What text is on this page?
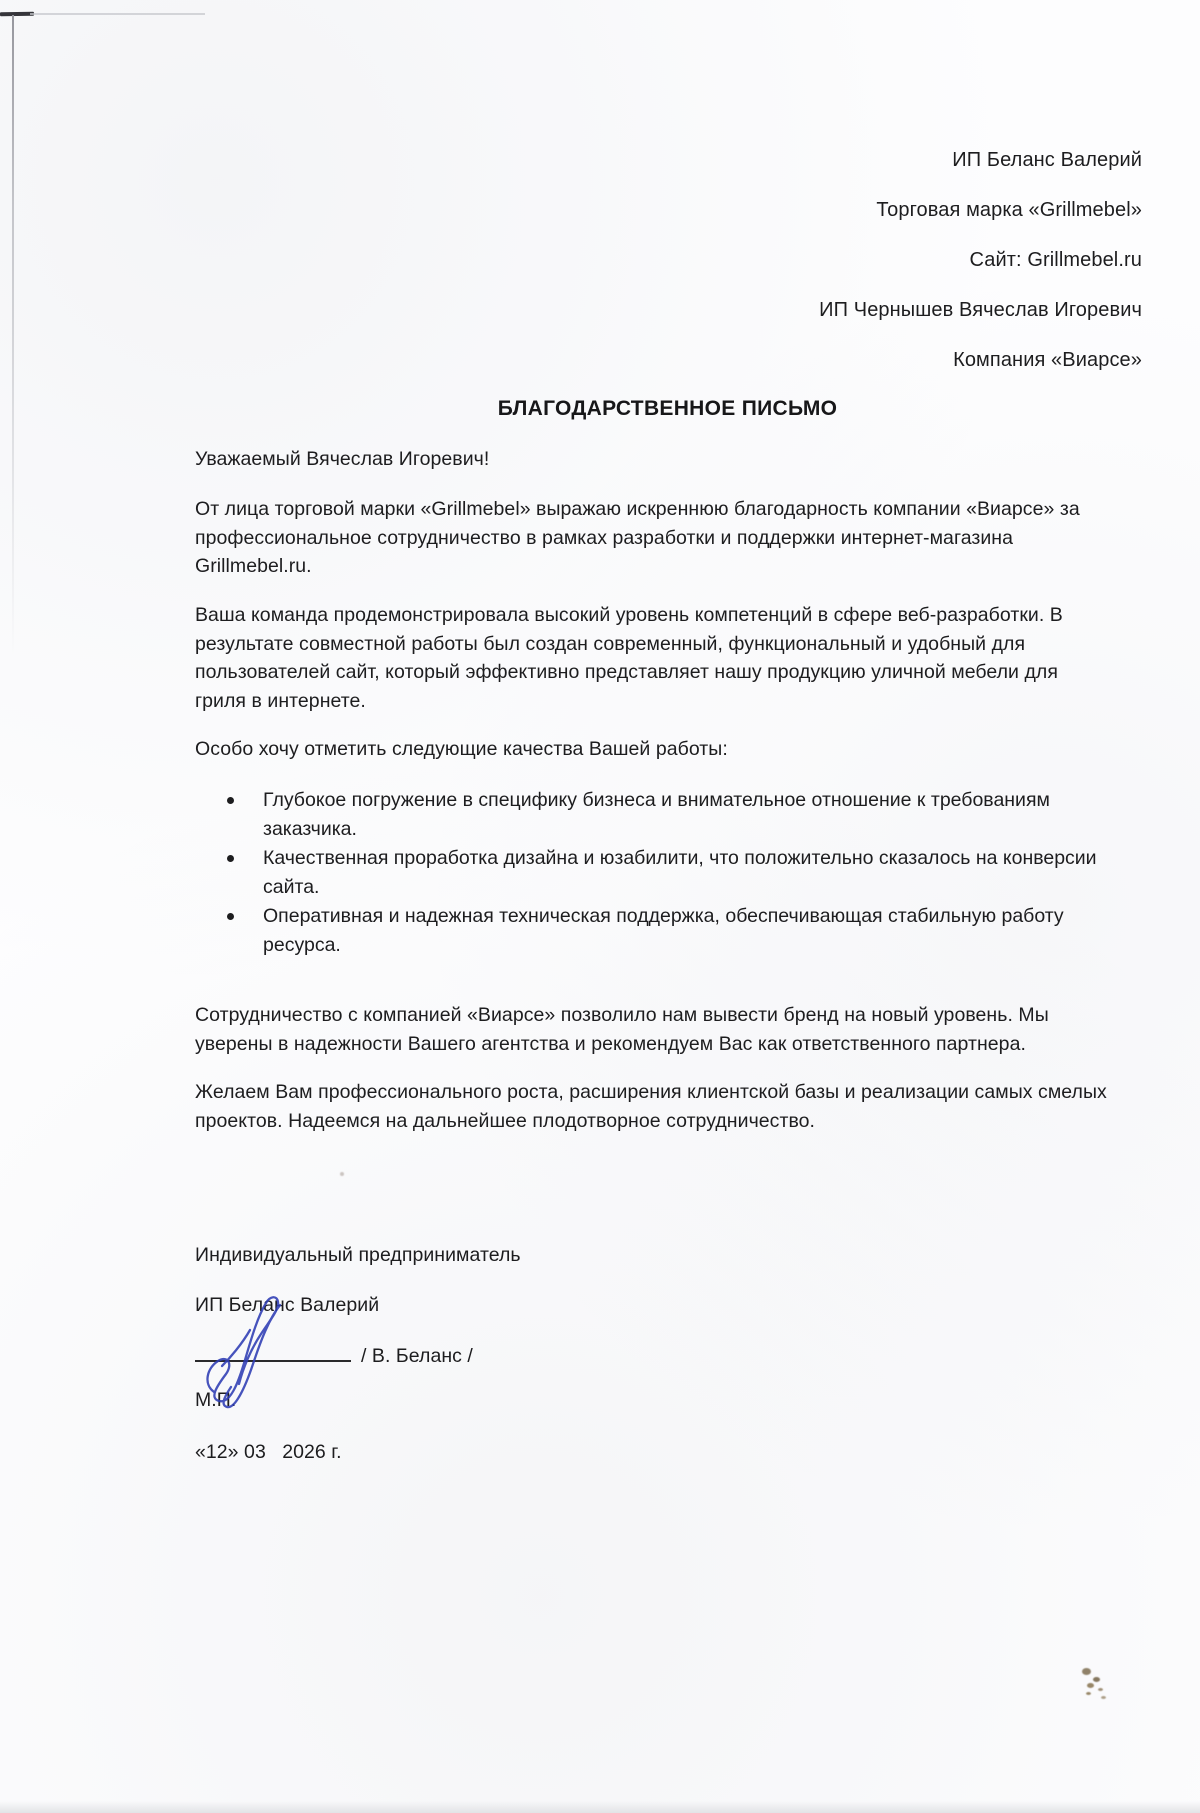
ИП Беланс Валерий
Торговая марка «Grillmebel»
Сайт: Grillmebel.ru
ИП Чернышев Вячеслав Игоревич
Компания «Виарсе»
БЛАГОДАРСТВЕННОЕ ПИСЬМО

Уважаемый Вячеслав Игоревич!

От лица торговой марки «Grillmebel» выражаю искреннюю благодарность компании «Виарсе» за
профессиональное сотрудничество в рамках разработки и поддержки интернет-магазина
Grillmebel.ru.

Ваша команда продемонстрировала высокий уровень компетенций в сфере веб-разработки. В
результате совместной работы был создан современный, функциональный и удобный для
пользователей сайт, который эффективно представляет нашу продукцию уличной мебели для
гриля в интернете.

Особо хочу отметить следующие качества Вашей работы:

Глубокое погружение в специфику бизнеса и внимательное отношение к требованиям
заказчика.
Качественная проработка дизайна и юзабилити, что положительно сказалось на конверсии
сайта.
Оперативная и надежная техническая поддержка, обеспечивающая стабильную работу
ресурса.

Сотрудничество с компанией «Виарсе» позволило нам вывести бренд на новый уровень. Мы
уверены в надежности Вашего агентства и рекомендуем Вас как ответственного партнера.

Желаем Вам профессионального роста, расширения клиентской базы и реализации самых смелых
проектов. Надеемся на дальнейшее плодотворное сотрудничество.

Индивидуальный предприниматель

ИП Беланс Валерий

/ В. Беланс /

М.П.

«12» 03   2026 г.
